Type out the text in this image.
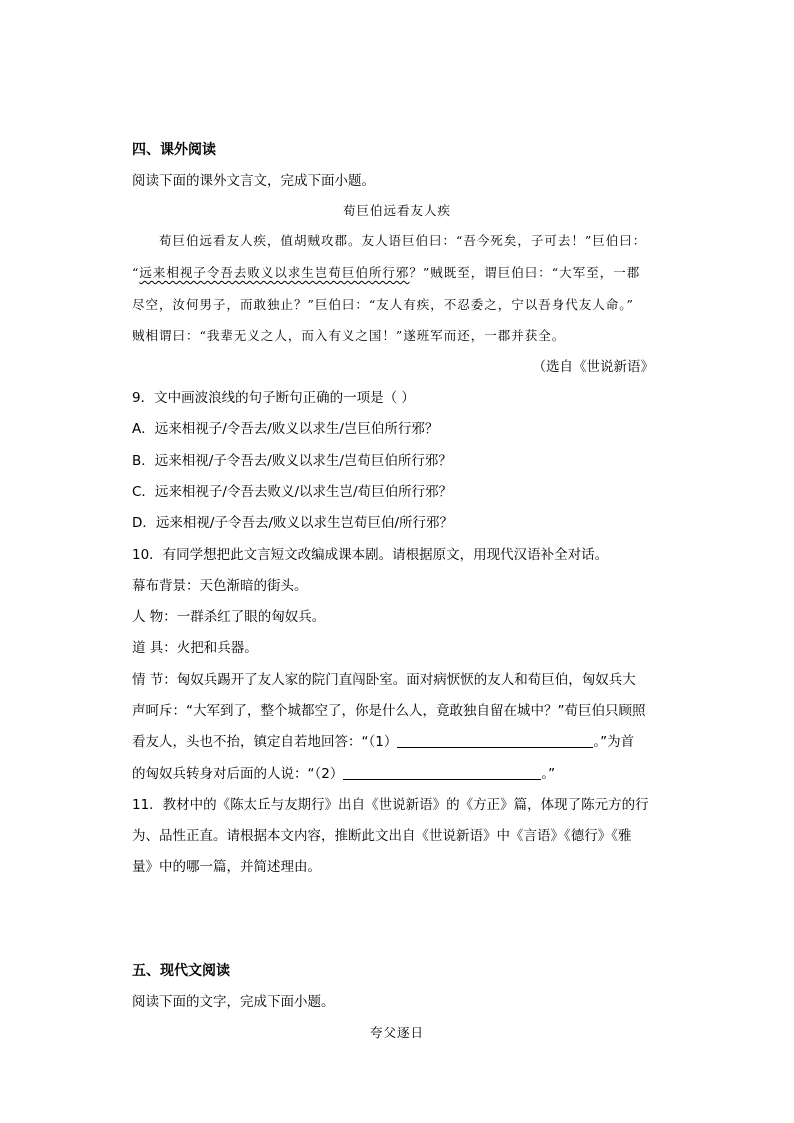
四、课外阅读
阅读下面的课外文言文，完成下面小题。
荀巨伯远看友人疾
荀巨伯远看友人疾，值胡贼攻郡。友人语巨伯曰：“吾今死矣，子可去！”巨伯曰：
“远来相视子令吾去败义以求生岂荀巨伯所行邪？”贼既至，谓巨伯曰：“大军至，一郡
尽空，汝何男子，而敢独止？”巨伯曰：“友人有疾，不忍委之，宁以吾身代友人命。”
贼相谓曰：“我辈无义之人，而入有义之国！”遂班军而还，一郡并获全。
（选自《世说新语》
9．文中画波浪线的句子断句正确的一项是（ ）
A．远来相视子/令吾去/败义以求生/岂巨伯所行邪？
B．远来相视/子令吾去/败义以求生/岂荀巨伯所行邪？
C．远来相视子/令吾去败义/以求生岂/荀巨伯所行邪？
D．远来相视/子令吾去/败义以求生岂荀巨伯/所行邪？
10．有同学想把此文言短文改编成课本剧。请根据原文，用现代汉语补全对话。
幕布背景：天色渐暗的街头。
人 物：一群杀红了眼的匈奴兵。
道 具：火把和兵器。
情 节：匈奴兵踢开了友人家的院门直闯卧室。面对病恹恹的友人和荀巨伯，匈奴兵大
声呵斥：“大军到了，整个城都空了，你是什么人，竟敢独自留在城中？”荀巨伯只顾照
看友人，头也不抬，镇定自若地回答：“（1）	。”为首
的匈奴兵转身对后面的人说：“（2）	。”
11．教材中的《陈太丘与友期行》出自《世说新语》的《方正》篇，体现了陈元方的行
为、品性正直。请根据本文内容，推断此文出自《世说新语》中《言语》《德行》《雅
量》中的哪一篇，并简述理由。
五、现代文阅读
阅读下面的文字，完成下面小题。
夸父逐日
